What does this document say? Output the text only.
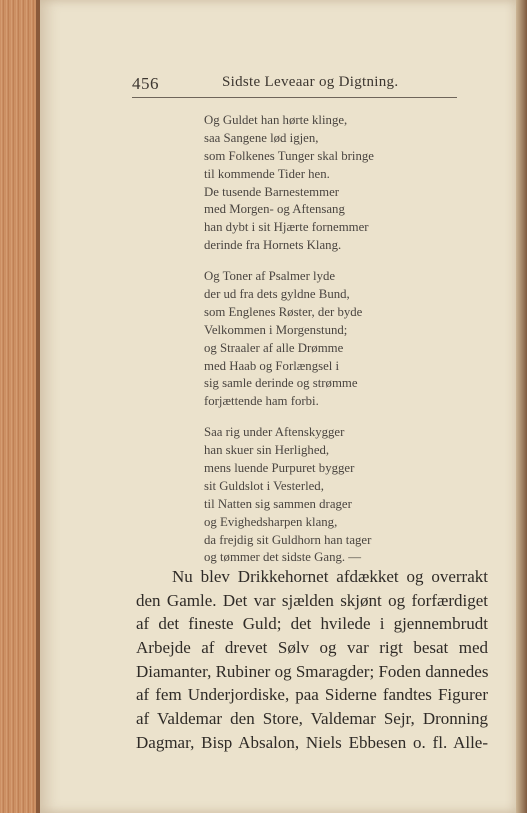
456	Sidste Leveaar og Digtning.
Og Guldet han hørte klinge,
saa Sangene lød igjen,
som Folkenes Tunger skal bringe
til kommende Tider hen.
De tusende Barnestemmer
med Morgen- og Aftensang
han dybt i sit Hjærte fornemmer
derinde fra Hornets Klang.
Og Toner af Psalmer lyde
der ud fra dets gyldne Bund,
som Englenes Røster, der byde
Velkommen i Morgenstund;
og Straaler af alle Drømme
med Haab og Forlængsel i
sig samle derinde og strømme
forjættende ham forbi.
Saa rig under Aftenskygger
han skuer sin Herlighed,
mens luende Purpuret bygger
sit Guldslot i Vesterled,
til Natten sig sammen drager
og Evighedsharpen klang,
da frejdig sit Guldhorn han tager
og tømmer det sidste Gang. —
Nu blev Drikkehornet afdækket og overrakt
den Gamle. Det var sjælden skjønt og forfærdiget
af det fineste Guld; det hvilede i gjennembrudt
Arbejde af drevet Sølv og var rigt besat med
Diamanter, Rubiner og Smaragder; Foden dannedes
af fem Underjordiske, paa Siderne fandtes Figurer
af Valdemar den Store, Valdemar Sejr, Dronning
Dagmar, Bisp Absalon, Niels Ebbesen o. fl. Alle-
